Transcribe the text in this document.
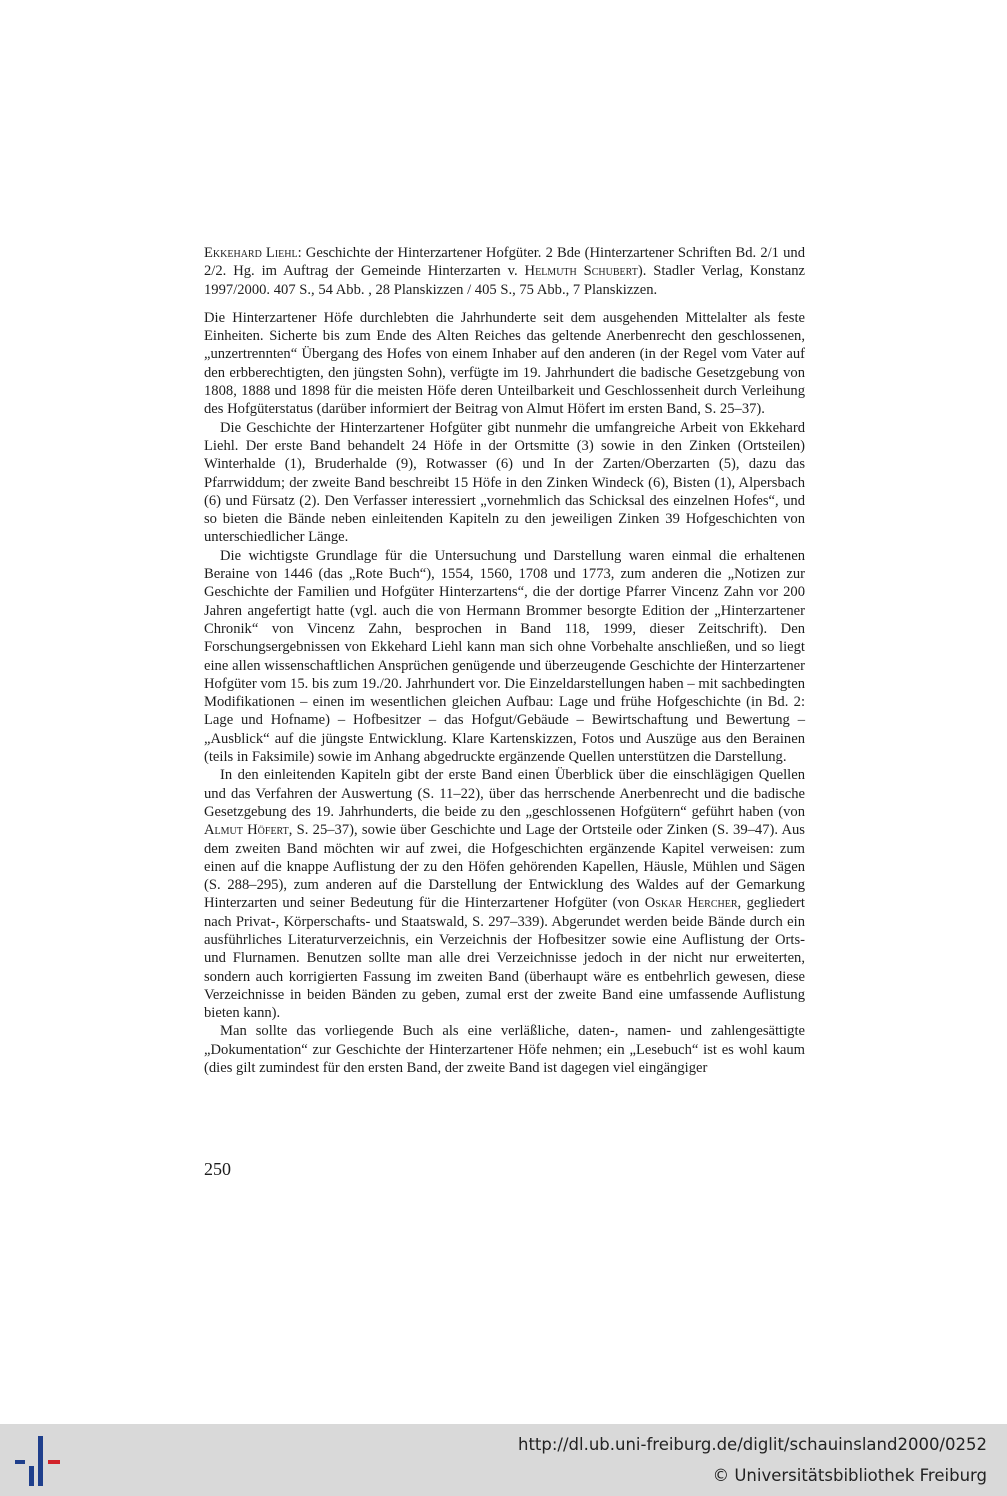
Ekkehard Liehl: Geschichte der Hinterzartener Hofgüter. 2 Bde (Hinterzartener Schriften Bd. 2/1 und 2/2. Hg. im Auftrag der Gemeinde Hinterzarten v. Helmuth Schubert). Stadler Verlag, Konstanz 1997/2000. 407 S., 54 Abb. , 28 Planskizzen / 405 S., 75 Abb., 7 Planskizzen.

Die Hinterzartener Höfe durchlebten die Jahrhunderte seit dem ausgehenden Mittelalter als feste Einheiten. Sicherte bis zum Ende des Alten Reiches das geltende Anerbenrecht den geschlossenen, „unzertrennten“ Übergang des Hofes von einem Inhaber auf den anderen (in der Regel vom Vater auf den erbberechtigten, den jüngsten Sohn), verfügte im 19. Jahrhundert die badische Gesetzgebung von 1808, 1888 und 1898 für die meisten Höfe deren Unteilbarkeit und Geschlossenheit durch Verleihung des Hofgüterstatus (darüber informiert der Beitrag von Almut Höfert im ersten Band, S. 25–37).

Die Geschichte der Hinterzartener Hofgüter gibt nunmehr die umfangreiche Arbeit von Ekkehard Liehl. Der erste Band behandelt 24 Höfe in der Ortsmitte (3) sowie in den Zinken (Ortsteilen) Winterhalde (1), Bruderhalde (9), Rotwasser (6) und In der Zarten/Oberzarten (5), dazu das Pfarrwiddum; der zweite Band beschreibt 15 Höfe in den Zinken Windeck (6), Bisten (1), Alpersbach (6) und Fürsatz (2). Den Verfasser interessiert „vornehmlich das Schicksal des einzelnen Hofes“, und so bieten die Bände neben einleitenden Kapiteln zu den jeweiligen Zinken 39 Hofgeschichten von unterschiedlicher Länge.

Die wichtigste Grundlage für die Untersuchung und Darstellung waren einmal die erhaltenen Beraine von 1446 (das „Rote Buch“), 1554, 1560, 1708 und 1773, zum anderen die „Notizen zur Geschichte der Familien und Hofgüter Hinterzartens“, die der dortige Pfarrer Vincenz Zahn vor 200 Jahren angefertigt hatte (vgl. auch die von Hermann Brommer besorgte Edition der „Hinterzartener Chronik“ von Vincenz Zahn, besprochen in Band 118, 1999, dieser Zeitschrift). Den Forschungsergebnissen von Ekkehard Liehl kann man sich ohne Vorbehalte anschließen, und so liegt eine allen wissenschaftlichen Ansprüchen genügende und überzeugende Geschichte der Hinterzartener Hofgüter vom 15. bis zum 19./20. Jahrhundert vor. Die Einzeldarstellungen haben – mit sachbedingten Modifikationen – einen im wesentlichen gleichen Aufbau: Lage und frühe Hofgeschichte (in Bd. 2: Lage und Hofname) – Hofbesitzer – das Hofgut/Gebäude – Bewirtschaftung und Bewertung – „Ausblick“ auf die jüngste Entwicklung. Klare Kartenskizzen, Fotos und Auszüge aus den Berainen (teils in Faksimile) sowie im Anhang abgedruckte ergänzende Quellen unterstützen die Darstellung.

In den einleitenden Kapiteln gibt der erste Band einen Überblick über die einschlägigen Quellen und das Verfahren der Auswertung (S. 11–22), über das herrschende Anerbenrecht und die badische Gesetzgebung des 19. Jahrhunderts, die beide zu den „geschlossenen Hofgütern“ geführt haben (von Almut Höfert, S. 25–37), sowie über Geschichte und Lage der Ortsteile oder Zinken (S. 39–47). Aus dem zweiten Band möchten wir auf zwei, die Hofgeschichten ergänzende Kapitel verweisen: zum einen auf die knappe Auflistung der zu den Höfen gehörenden Kapellen, Häusle, Mühlen und Sägen (S. 288–295), zum anderen auf die Darstellung der Entwicklung des Waldes auf der Gemarkung Hinterzarten und seiner Bedeutung für die Hinterzartener Hofgüter (von Oskar Hercher, gegliedert nach Privat-, Körperschafts- und Staatswald, S. 297–339). Abgerundet werden beide Bände durch ein ausführliches Literaturverzeichnis, ein Verzeichnis der Hofbesitzer sowie eine Auflistung der Orts- und Flurnamen. Benutzen sollte man alle drei Verzeichnisse jedoch in der nicht nur erweiterten, sondern auch korrigierten Fassung im zweiten Band (überhaupt wäre es entbehrlich gewesen, diese Verzeichnisse in beiden Bänden zu geben, zumal erst der zweite Band eine umfassende Auflistung bieten kann).

Man sollte das vorliegende Buch als eine verläßliche, daten-, namen- und zahlengesättigte „Dokumentation“ zur Geschichte der Hinterzartener Höfe nehmen; ein „Lesebuch“ ist es wohl kaum (dies gilt zumindest für den ersten Band, der zweite Band ist dagegen viel eingängiger

250
http://dl.ub.uni-freiburg.de/diglit/schauinsland2000/0252
© Universitätsbibliothek Freiburg
